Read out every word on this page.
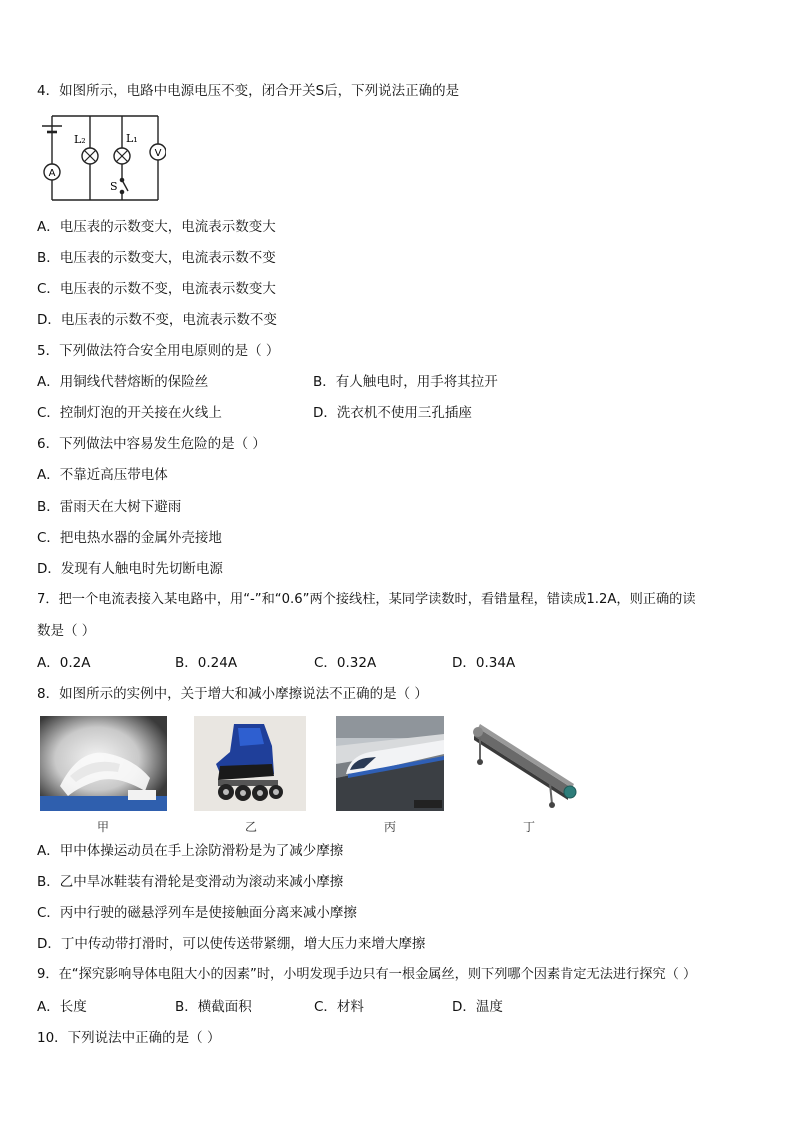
4．如图所示，电路中电源电压不变，闭合开关S后，下列说法正确的是
A
L₂	L₁
V
S
A．电压表的示数变大，电流表示数变大
B．电压表的示数变大，电流表示数不变
C．电压表的示数不变，电流表示数变大
D．电压表的示数不变，电流表示数不变
5．下列做法符合安全用电原则的是（ ）
A．用铜线代替熔断的保险丝	B．有人触电时，用手将其拉开
C．控制灯泡的开关接在火线上	D．洗衣机不使用三孔插座
6．下列做法中容易发生危险的是（ ）
A．不靠近高压带电体
B．雷雨天在大树下避雨
C．把电热水器的金属外壳接地
D．发现有人触电时先切断电源
7．把一个电流表接入某电路中，用“-”和“0.6”两个接线柱，某同学读数时，看错量程，错读成1.2A，则正确的读
数是（ ）
A．0.2A	B．0.24A	C．0.32A	D．0.34A
8．如图所示的实例中，关于增大和减小摩擦说法不正确的是（ ）
甲	乙	丙	丁
A．甲中体操运动员在手上涂防滑粉是为了减少摩擦
B．乙中旱冰鞋装有滑轮是变滑动为滚动来减小摩擦
C．丙中行驶的磁悬浮列车是使接触面分离来减小摩擦
D．丁中传动带打滑时，可以使传送带紧绷，增大压力来增大摩擦
9．在“探究影响导体电阻大小的因素”时，小明发现手边只有一根金属丝，则下列哪个因素肯定无法进行探究（ ）
A．长度	B．横截面积	C．材料	D．温度
10．下列说法中正确的是（ ）
